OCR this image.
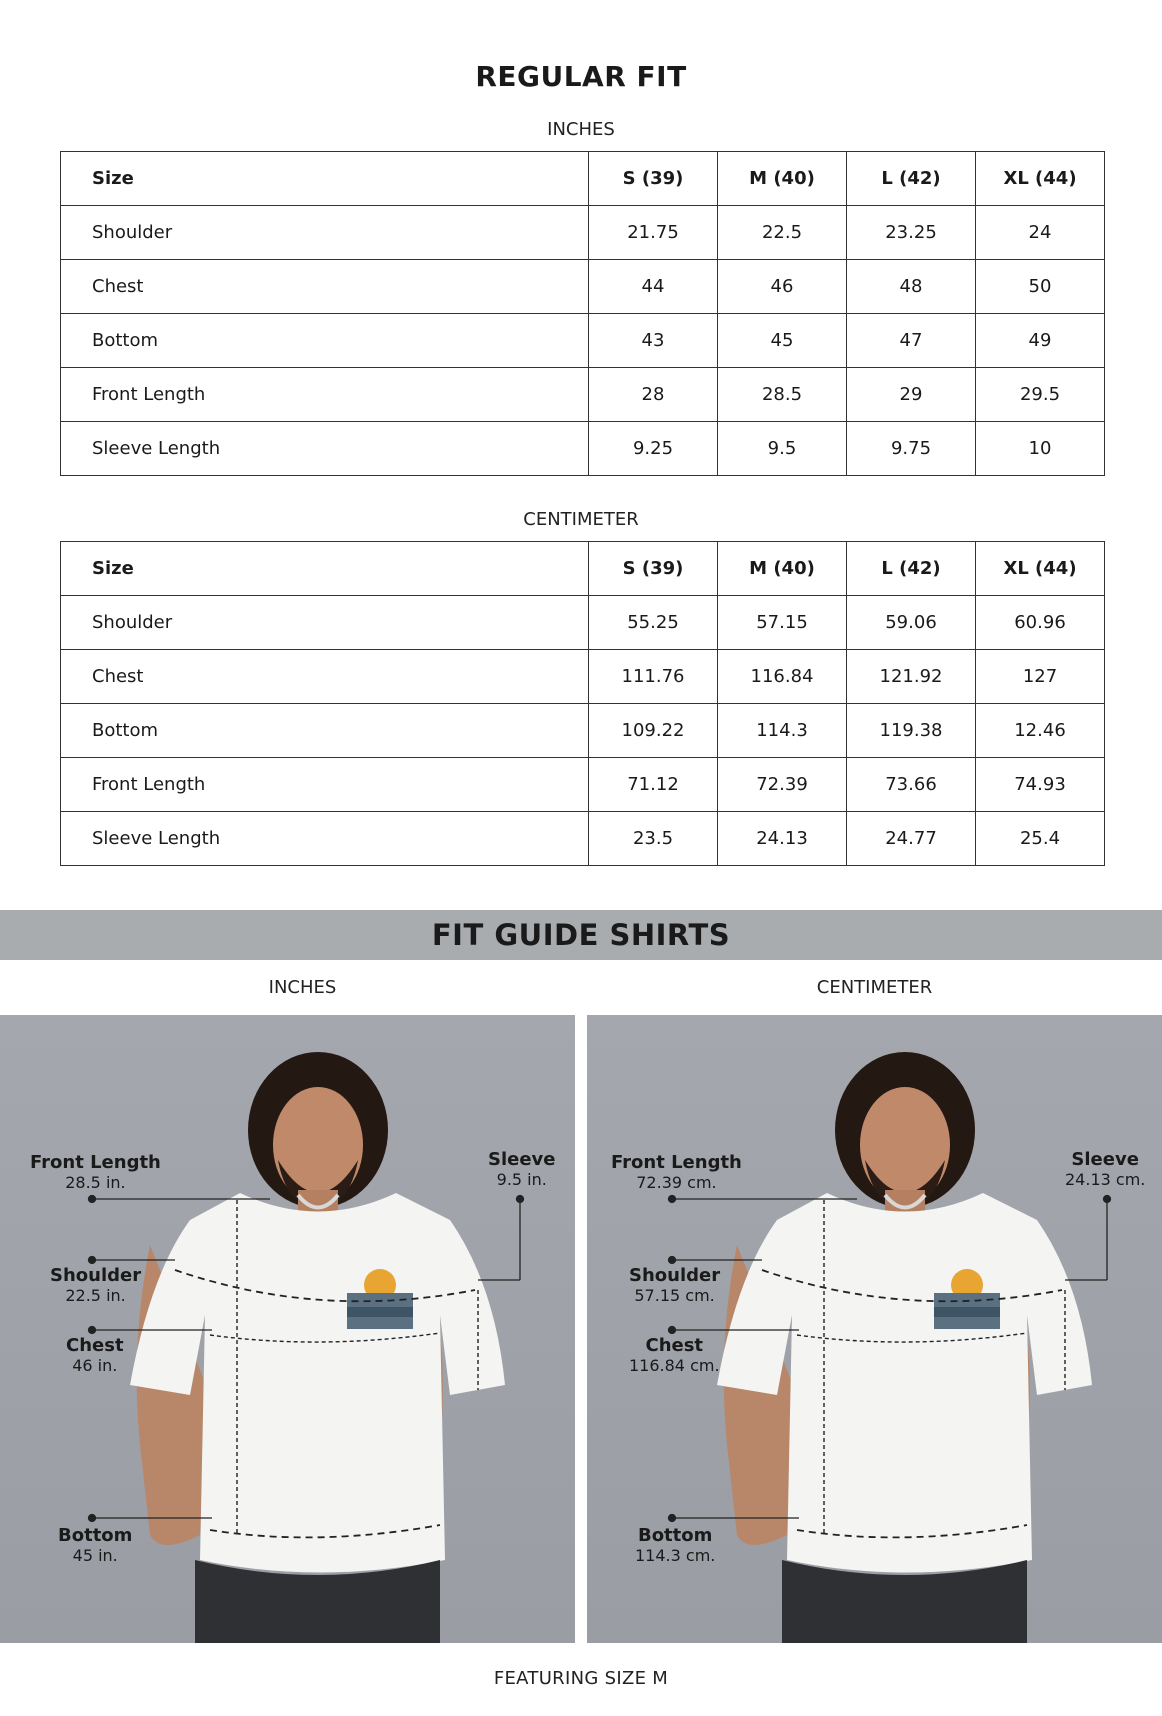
REGULAR FIT
INCHES
Size	S (39)	M (40)	L (42)	XL (44)
Shoulder	21.75	22.5	23.25	24
Chest	44	46	48	50
Bottom	43	45	47	49
Front Length	28	28.5	29	29.5
Sleeve Length	9.25	9.5	9.75	10
CENTIMETER
Size	S (39)	M (40)	L (42)	XL (44)
Shoulder	55.25	57.15	59.06	60.96
Chest	111.76	116.84	121.92	127
Bottom	109.22	114.3	119.38	12.46
Front Length	71.12	72.39	73.66	74.93
Sleeve Length	23.5	24.13	24.77	25.4
FIT GUIDE SHIRTS
INCHES	CENTIMETER
Front Length
28.5 in.
Sleeve
9.5 in.
Shoulder
22.5 in.
Chest
46 in.
Bottom
45 in.
Front Length
72.39 cm.
Sleeve
24.13 cm.
Shoulder
57.15 cm.
Chest
116.84 cm.
Bottom
114.3 cm.
FEATURING SIZE M
